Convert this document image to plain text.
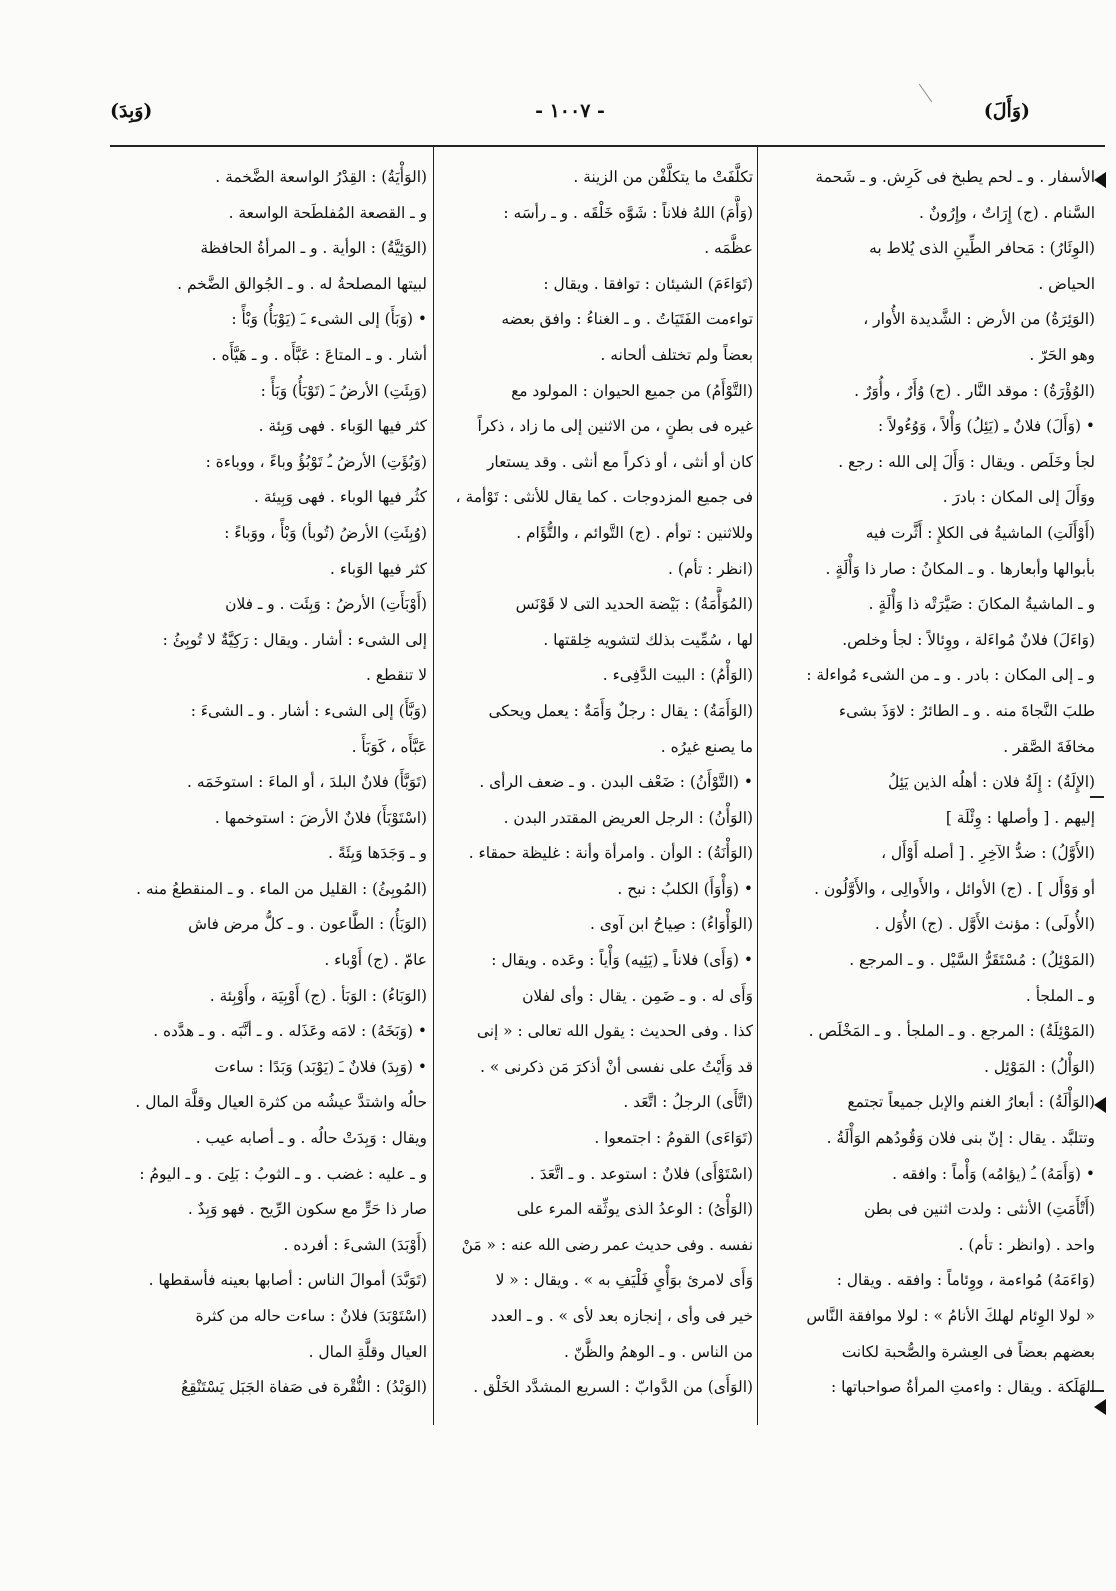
(وَأَلَ)
- ١٠٠٧ -
(وَبِدَ)
الأسفار . و ـ لحم يطبخ فى كَرِش. و ـ شَحمة
السَّنام . (ج) إِرَاتٌ ، وإِرُونٌ .
(الوِئَارُ) : مَحافر الطِّينِ الذى يُلاط به
الحياض .
(الوَئِرَةُ) من الأرض : الشَّديدة الأُوار ،
وهو الحَرّ .
(الوُؤْرَةُ) : موقد النَّار . (ج) وُأَرٌ ، وأُوَرٌ .
• (وَأَلَ) فلانٌ ـِ (يَئِلُ) وَأْلاً ، وَوُءُولاً :
لجأ وخَلَص . ويقال : وَأَلَ إلى الله : رجع .
ووَأَلَ إلى المكان : بادرَ .
(أَوْأَلَتِ) الماشيةُ فى الكلإِ : أَثَّرت فيه
بأبوالها وأبعارها . و ـ المكانُ : صار ذا وَأْلَةٍ .
و ـ الماشيةُ المكانَ : صَيَّرَتْه ذا وَأْلَةٍ .
(وَاءَلَ) فلانٌ مُواءَلة ، ووِئالاً : لجأ وخلص.
و ـ إلى المكان : بادر . و ـ من الشىء مُواءلة :
طلبَ النَّجاةَ منه . و ـ الطائرُ : لاوَذَ بشىء
مخافَةَ الصَّقر .
(الإِلَةُ) : إِلَةُ فلان : أهلُه الذين يَئِلُ
إليهم . [ وأصلها : وِئْلَة ]
(الأَوَّلُ) : ضدُّ الآخِرِ . [ أصله أَوْأَل ،
أو وَوْأَل ] . (ج) الأوائل ، والأَوالِى ، والأَوَّلُون .
(الأُولَى) : مؤنث الأَوَّل . (ج) الأُوَل .
(المَوْئِلُ) : مُسْتَقَرُّ السَّيْل . و ـ المرجع .
و ـ الملجأ .
(المَوْئِلَةُ) : المرجع . و ـ الملجأ . و ـ المَخْلَص .
(الوَأْلُ) : المَوْئِل .
(الوَأْلَةُ) : أبعارُ الغنم والإبل جميعاً تجتمع
وتتلبَّد . يقال : إنّ بنى فلان وَقُودُهم الوَأْلَةُ .
• (وَأَمَهُ) ـُ (يؤامُه) وَأْماً : وافقه .
(أَتْأَمَتِ) الأنثى : ولدت اثنين فى بطن
واحد . (وانظر : تأم) .
(وَاءَمَهُ) مُواءمة ، ووِئاماً : وافقه . ويقال :
« لولا الوِئام لهلكَ الأنامُ » : لولا موافقة النَّاس
بعضهم بعضاً فى العِشرة والصُّحبة لكانت
الهَلَكة . ويقال : واءمتِ المرأةُ صواحباتها :
تكلَّفَتْ ما يتكلَّفْن من الزينة .
(وَأَّمَ) اللهُ فلاناً : شَوَّه خَلْقَه . و ـ رأسَه :
عظَّمَه .
(تَوَاءَمَ) الشيئان : توافقا . ويقال :
تواءمت الفَتَيَاتُ . و ـ الغناءُ : وافق بعضه
بعضاً ولم تختلف ألحانه .
(التَّوْأَمُ) من جميع الحيوان : المولود مع
غيره فى بطنٍ ، من الاثنين إلى ما زاد ، ذكراً
كان أو أنثى ، أو ذكراً مع أنثى . وقد يستعار
فى جميع المزدوجات . كما يقال للأنثى : تَوْأمة ،
وللاثنين : توأم . (ج) التَّوائم ، والتُّؤَام .
(انظر : تأم) .
(المُوَأَّمَةُ) : بَيْضة الحديد التى لا قَوْنَس
لها ، سُمِّيت بذلك لتشويه خِلقتها .
(الوَأْمُ) : البيت الدَّفِىء .
(الوَأَمَةُ) : يقال : رجلٌ وَأَمَةٌ : يعمل ويحكى
ما يصنع غيرُه .
• (التَّوْأَنُ) : ضَعْف البدن . و ـ ضعف الرأى .
(الوَأْنُ) : الرجل العريض المقتدر البدن .
(الوَأْنَةُ) : الوأن . وامرأة وأنة : غليظة حمقاء .
• (وَأْوَأَ) الكلبُ : نبح .
(الوَأْوَاءُ) : صِياحُ ابن آوى .
• (وَأَى) فلاناً ـِ (يَئِيه) وَأْياً : وعَده . ويقال :
وَأَى له . و ـ ضَمِن . يقال : وأى لفلان
كذا . وفى الحديث : يقول الله تعالى : « إنى
قد وَأَيْتُ على نفسى أنْ أذكرَ مَن ذكرنى » .
(اتَّأَى) الرجلُ : اتَّعَد .
(تَوَاءَى) القومُ : اجتمعوا .
(اسْتَوْأَى) فلانٌ : استوعد . و ـ اتَّعَدَ .
(الوَأْىُ) : الوعدُ الذى يوثِّقه المرء على
نفسه . وفى حديث عمر رضى الله عنه : « مَنْ
وَأَى لامرئ بوَأْىٍ فَلْيَفِ به » . ويقال : « لا
خير فى وأى ، إنجازه بعد لأى » . و ـ العدد
من الناس . و ـ الوهمُ والظَّنّ .
(الوَأَى) من الدَّوابّ : السريع المشدَّد الخَلْق .
(الوَأْيَةُ) : القِدْرُ الواسعة الضَّخمة .
و ـ القصعة المُفلطَحة الواسعة .
(الوَئِيَّةُ) : الوأية . و ـ المرأةُ الحافظة
لبيتها المصلحةُ له . و ـ الجُوالق الضَّخم .
• (وَبَأَ) إلى الشىء ـَ (يَوْبَأُ) وَبْأً :
أشار . و ـ المتاعَ : عَبَّأَه . و ـ هَيَّأَه .
(وَبِئَتِ) الأرضُ ـَ (تَوْبَأُ) وَبَأً :
كثر فيها الوَباء . فهى وَبِئة .
(وَبُؤَتِ) الأرضُ ـُ تَوْبُؤُ وباءً ، ووباءة :
كثُر فيها الوباء . فهى وَبِيئة .
(وُبِئَتِ) الأرضُ (تُوبأ) وَبْأً ، ووَباءً :
كثر فيها الوَباء .
(أَوْبَأَتِ) الأرضُ : وَبِئَت . و ـ فلان
إلى الشىء : أشار . ويقال : رَكِيَّةٌ لا تُوبِئُ :
لا تنقطع .
(وَبَّأَ) إلى الشىء : أشار . و ـ الشىءَ :
عَبَّأَه ، كَوَبَأَ .
(تَوَبَّأَ) فلانٌ البلدَ ، أو الماءَ : استوخَمَه .
(اسْتَوْبَأَ) فلانٌ الأرضَ : استوخمها .
و ـ وَجَدَها وَبِئَةً .
(المُوبِئُ) : القليل من الماء . و ـ المنقطعُ منه .
(الوَبَأُ) : الطَّاعون . و ـ كلُّ مرض فاش
عامّ . (ج) أَوْباء .
(الوَبَاءُ) : الوَبَأ . (ج) أَوْبِيَة ، وأَوْبِئة .
• (وَبَخَهُ) : لامَه وعَذَله . و ـ أنَّبَه . و ـ هدَّده .
• (وَبِدَ) فلانٌ ـَ (يَوْبَد) وَبَدًا : ساءت
حالُه واشتدَّ عيشُه من كثرة العيال وقلَّة المال .
ويقال : وَبِدَتْ حالُه . و ـ أصابه عيب .
و ـ عليه : غضب . و ـ الثوبُ : بَلِىَ . و ـ اليومُ :
صار ذا حَرٍّ مع سكون الرِّيح . فهو وَبِدٌ .
(أَوْبَدَ) الشىءَ : أفرده .
(تَوَبَّدَ) أموالَ الناس : أصابها بعينه فأسقطها .
(اسْتَوْبَدَ) فلانٌ : ساءت حاله من كثرة
العيال وقلَّةِ المال .
(الوَبْدُ) : النُّقْرة فى صَفاة الجَبَل يَسْتَنْقِعُ
